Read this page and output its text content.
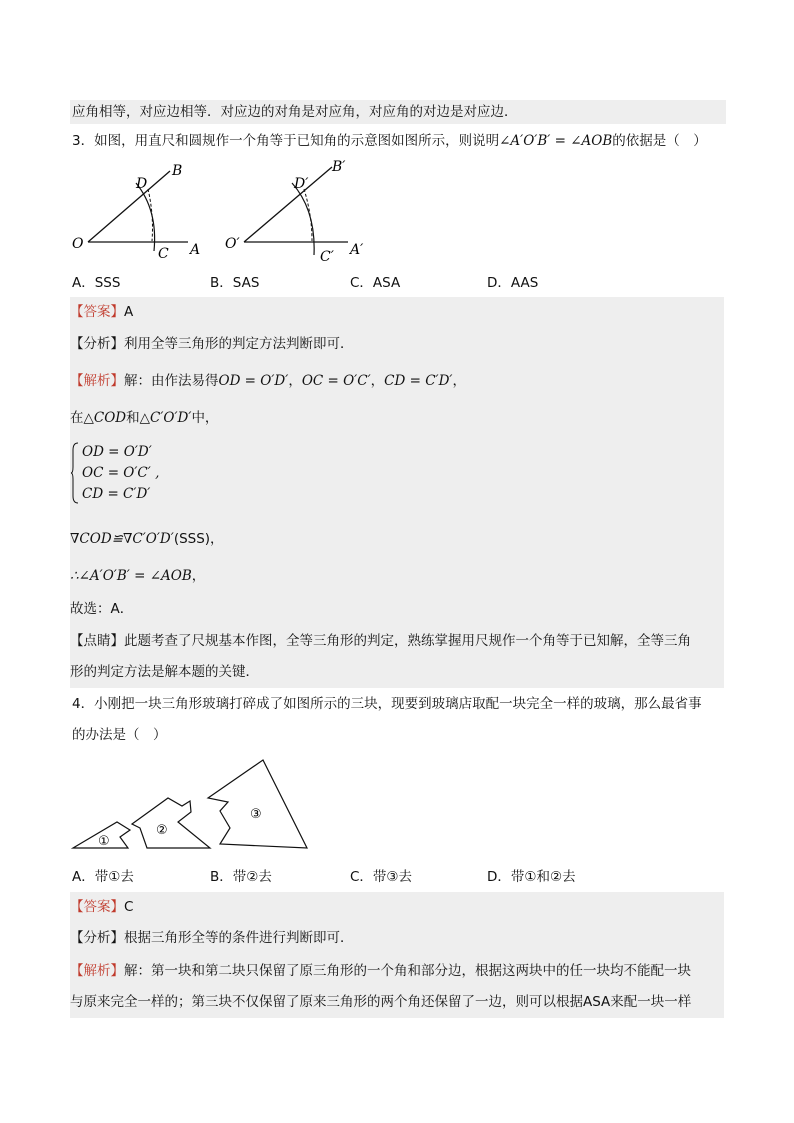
应角相等，对应边相等．对应边的对角是对应角，对应角的对边是对应边．
3．如图，用直尺和圆规作一个角等于已知角的示意图如图所示，则说明∠A′O′B′ = ∠AOB的依据是（　）
O	A
B
C
D
O′	A′
B′
C′
D′
A．SSS	B．SAS	C．ASA	D．AAS
【答案】A
【分析】利用全等三角形的判定方法判断即可．
【解析】解：由作法易得OD = O′D′，OC = O′C′，CD = C′D′，
在△COD和△C′O′D′中，
OD = O′D′
OC = O′C′ ,
CD = C′D′
∇COD≌∇C′O′D′(SSS)，
∴∠A′O′B′ = ∠AOB，
故选：A．
【点睛】此题考查了尺规基本作图，全等三角形的判定，熟练掌握用尺规作一个角等于已知解，全等三角
形的判定方法是解本题的关键．
4．小刚把一块三角形玻璃打碎成了如图所示的三块，现要到玻璃店取配一块完全一样的玻璃，那么最省事
的办法是（　）
①
②
③
A．带①去	B．带②去	C．带③去	D．带①和②去
【答案】C
【分析】根据三角形全等的条件进行判断即可．
【解析】解：第一块和第二块只保留了原三角形的一个角和部分边，根据这两块中的任一块均不能配一块
与原来完全一样的；第三块不仅保留了原来三角形的两个角还保留了一边，则可以根据ASA来配一块一样
